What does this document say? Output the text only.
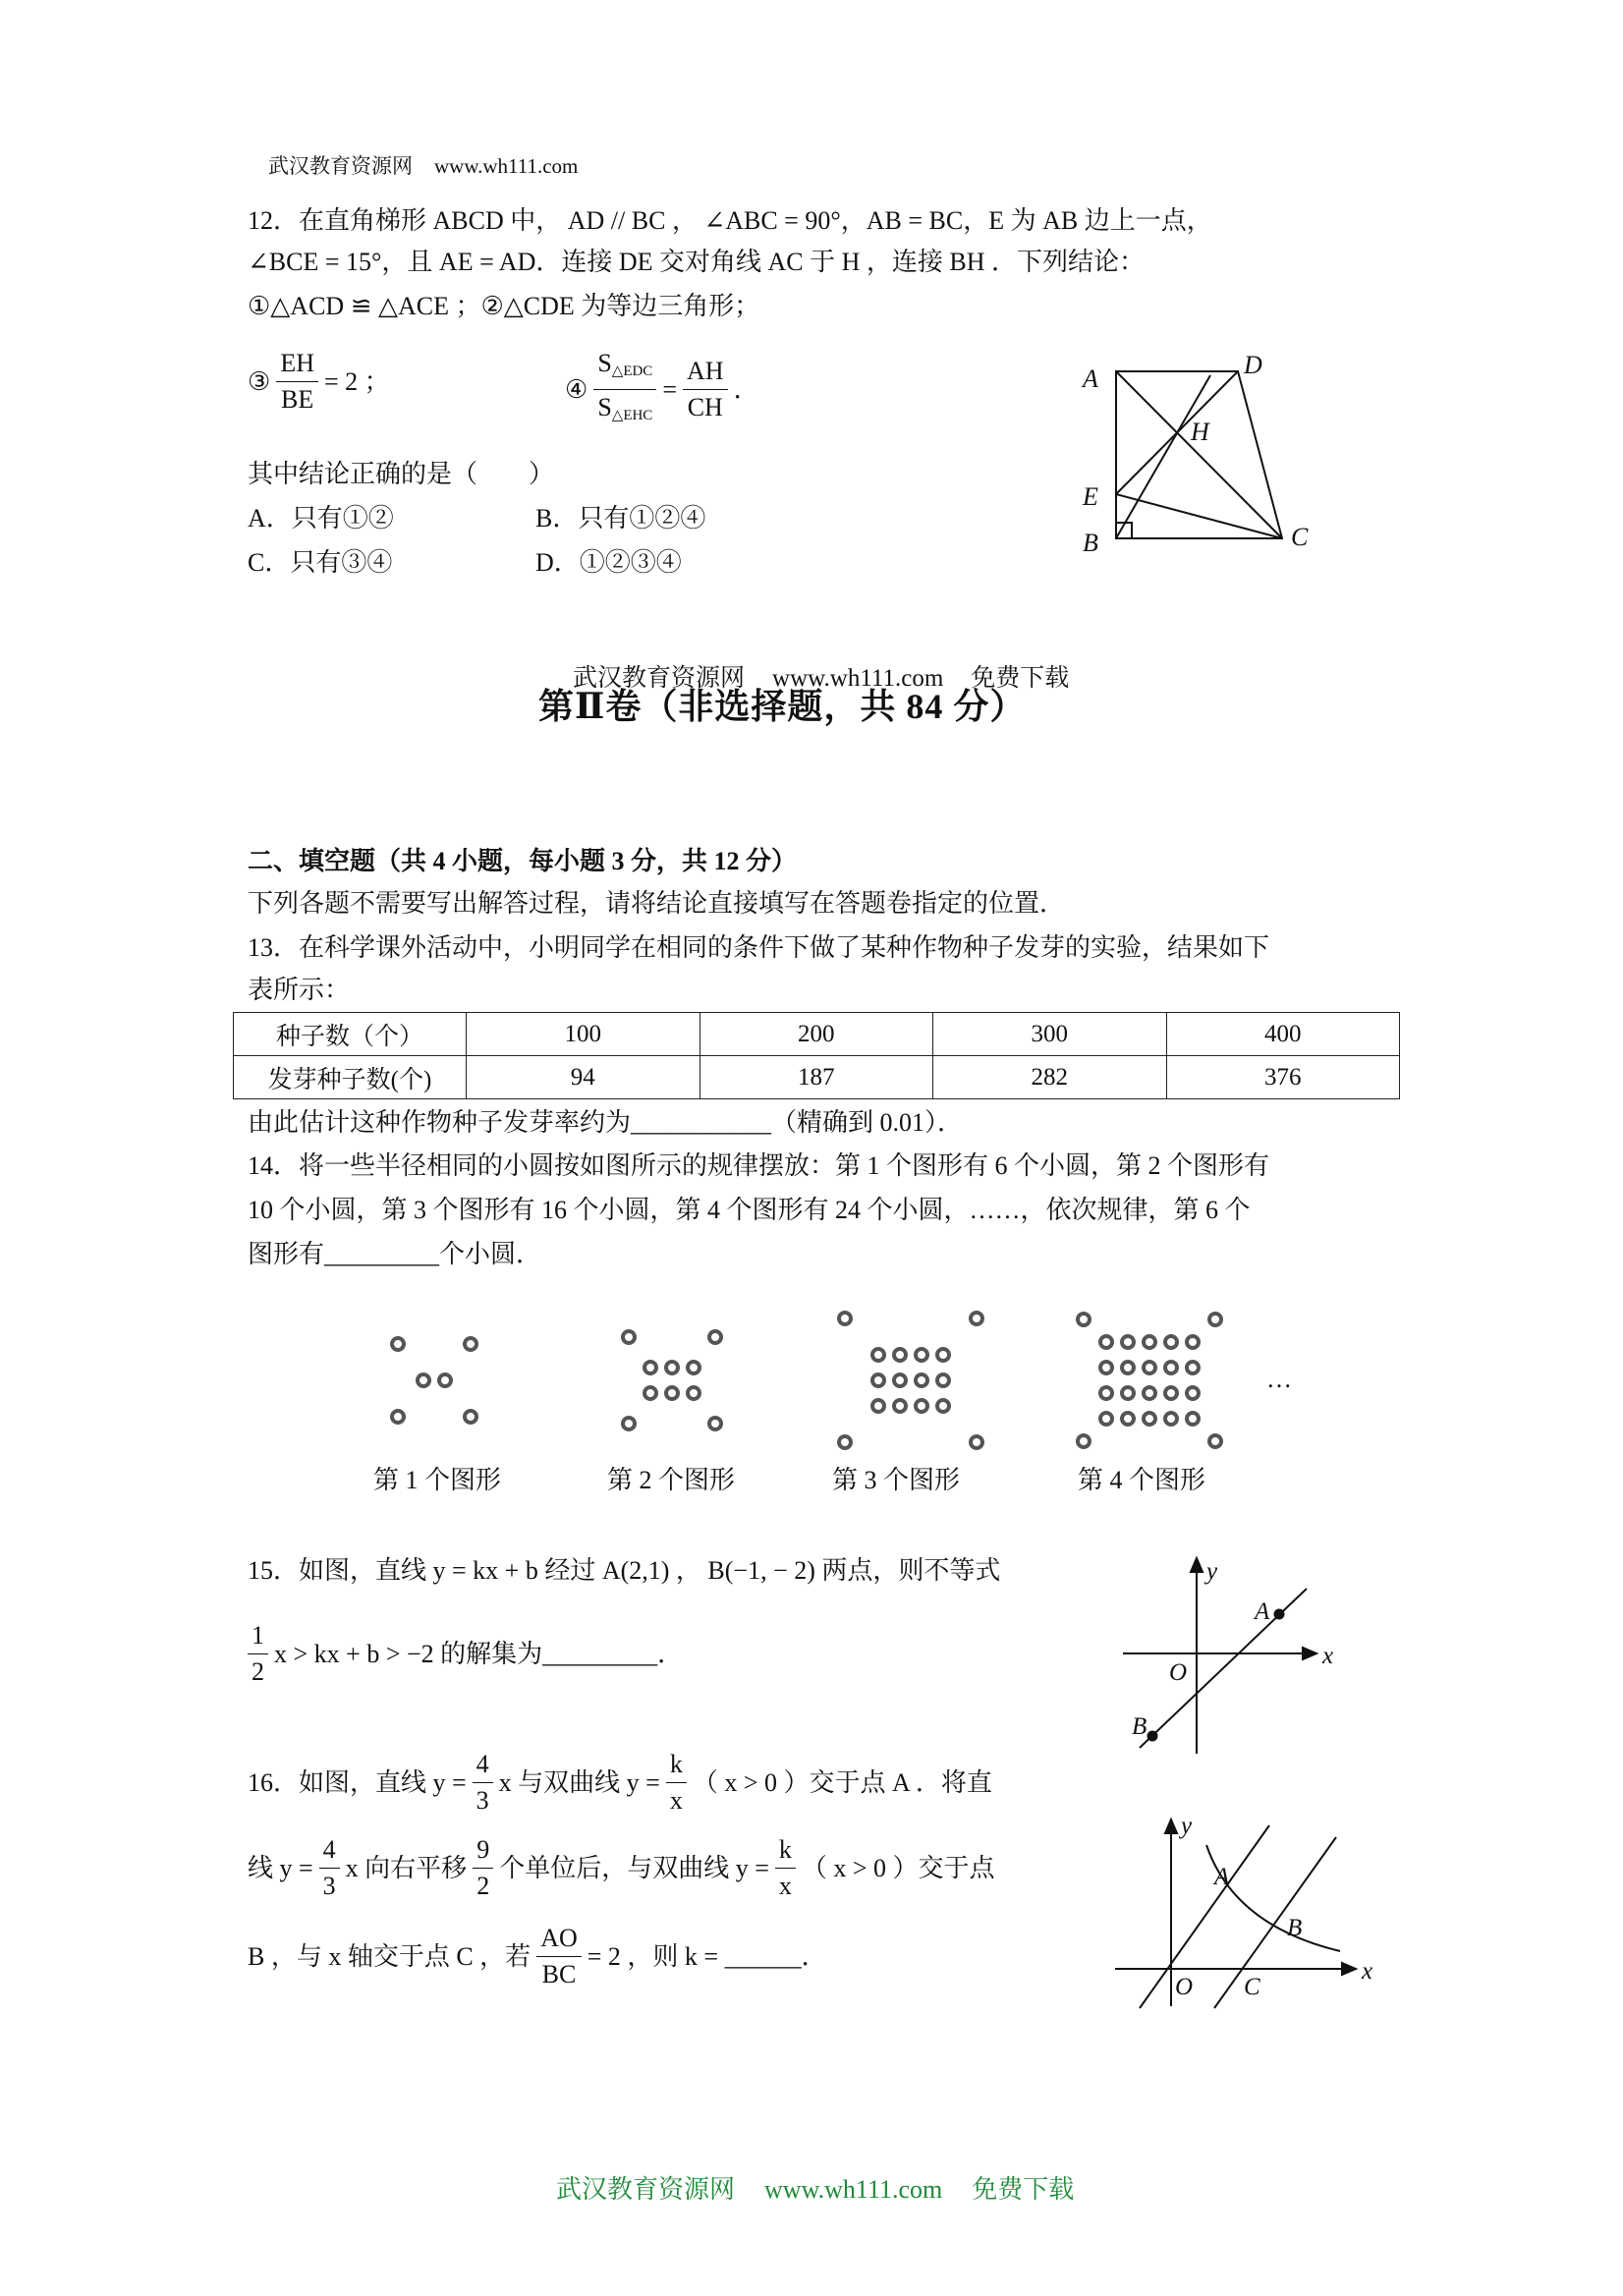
武汉教育资源网 www.wh111.com

12．在直角梯形 ABCD 中， AD // BC ， ∠ABC = 90°，AB = BC，E 为 AB 边上一点，
∠BCE = 15°，且 AE = AD．连接 DE 交对角线 AC 于 H ，连接 BH ．下列结论：
①△ACD ≌ △ACE ；②△CDE 为等边三角形；
③ $\frac{EH}{BE} = 2$ ；	④ $\frac{S_{\triangle EDC}}{S_{\triangle EHC}} = \frac{AH}{CH}$ ．
其中结论正确的是（　　）
A．只有①②	B．只有①②④
C．只有③④	D．①②③④

武汉教育资源网 www.wh111.com 免费下载

第Ⅱ卷（非选择题，共 84 分）
二、填空题（共 4 小题，每小题 3 分，共 12 分）
下列各题不需要写出解答过程，请将结论直接填写在答题卷指定的位置．
13．在科学课外活动中，小明同学在相同的条件下做了某种作物种子发芽的实验，结果如下
表所示：
种子数（个）	100	200	300	400
发芽种子数(个)	94	187	282	376
由此估计这种作物种子发芽率约为___________（精确到 0.01）．
14．将一些半径相同的小圆按如图所示的规律摆放：第 1 个图形有 6 个小圆，第 2 个图形有
10 个小圆，第 3 个图形有 16 个小圆，第 4 个图形有 24 个小圆，……，依次规律，第 6 个
图形有_________个小圆．
15．如图，直线 y = kx + b 经过 A(2,1) ， B(−1, − 2) 两点，则不等式
$\frac{1}{2}$ x > kx + b > −2 的解集为_________．
16．如图，直线 $y = \frac{4}{3}$ x 与双曲线 $y = \frac{k}{x}$ （ x > 0 ）交于点 A ．将直
线 $y = \frac{4}{3}$ x 向右平移 $\frac{9}{2}$ 个单位后，与双曲线 $y = \frac{k}{x}$ （ x > 0 ）交于点
B ，与 x 轴交于点 C ，若 $\frac{AO}{BC} = 2$ ，则 k = ______．

武汉教育资源网 www.wh111.com 免费下载

A	D
H
E
B	C
第 1 个图形	第 2 个图形	第 3 个图形	第 4 个图形
…
y
x
O
A
B
y
x
O
A
B
C
